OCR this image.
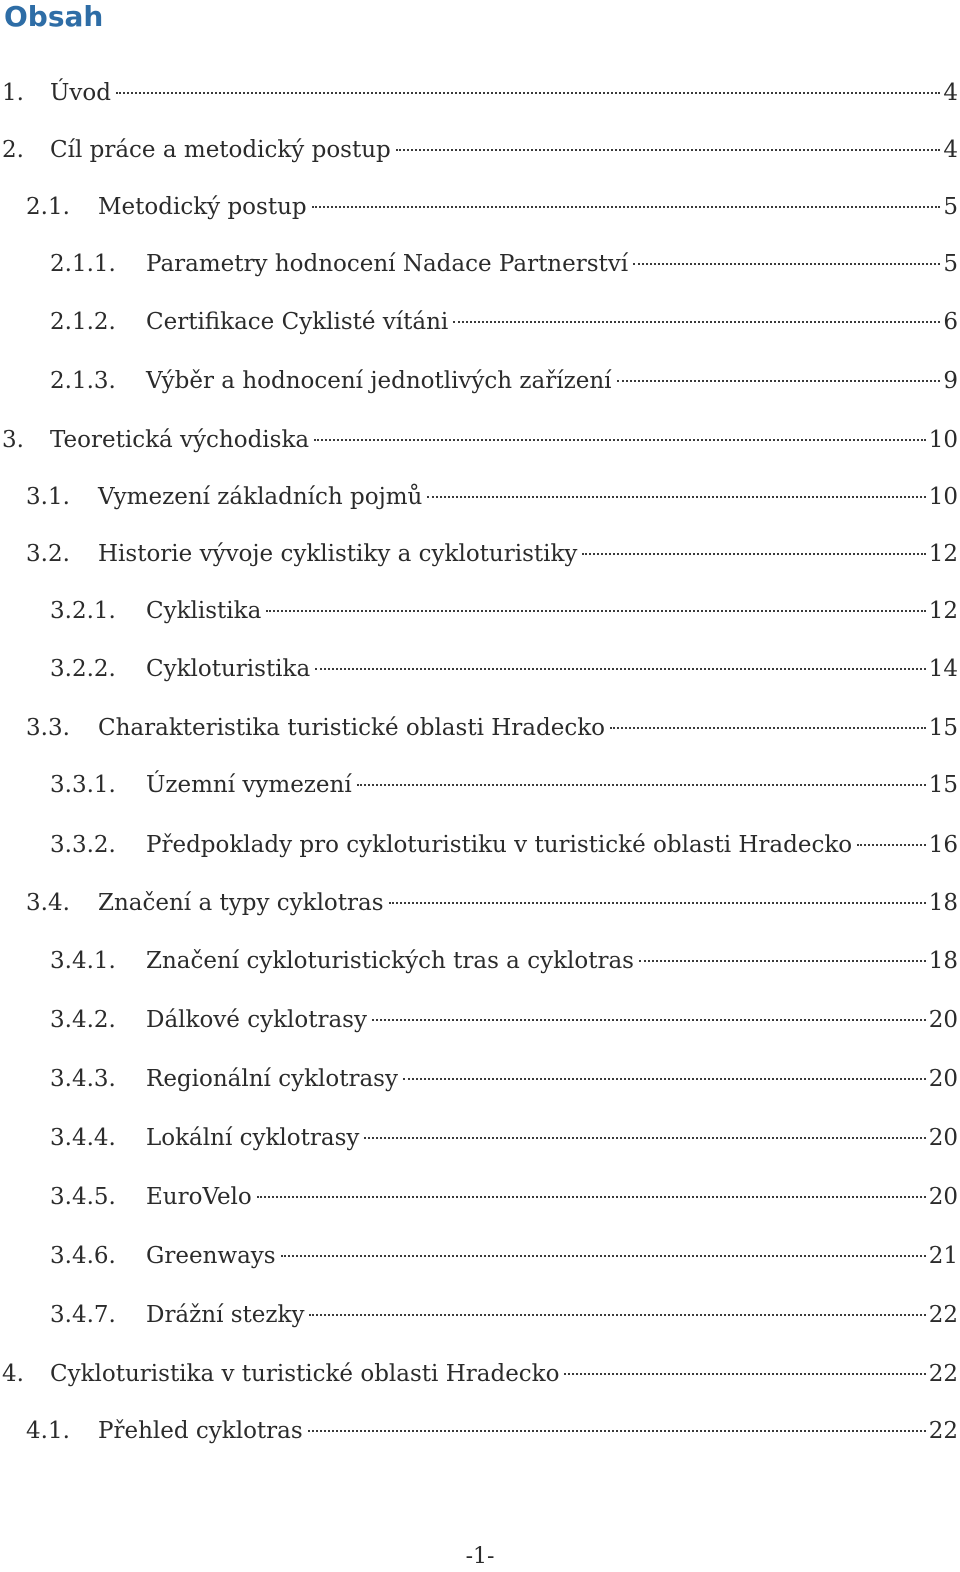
Obsah
1.	Úvod	4
2.	Cíl práce a metodický postup	4
2.1.	Metodický postup	5
2.1.1.	Parametry hodnocení Nadace Partnerství	5
2.1.2.	Certifikace Cyklisté vítáni	6
2.1.3.	Výběr a hodnocení jednotlivých zařízení	9
3.	Teoretická východiska	10
3.1.	Vymezení základních pojmů	10
3.2.	Historie vývoje cyklistiky a cykloturistiky	12
3.2.1.	Cyklistika	12
3.2.2.	Cykloturistika	14
3.3.	Charakteristika turistické oblasti Hradecko	15
3.3.1.	Územní vymezení	15
3.3.2.	Předpoklady pro cykloturistiku v turistické oblasti Hradecko	16
3.4.	Značení a typy cyklotras	18
3.4.1.	Značení cykloturistických tras a cyklotras	18
3.4.2.	Dálkové cyklotrasy	20
3.4.3.	Regionální cyklotrasy	20
3.4.4.	Lokální cyklotrasy	20
3.4.5.	EuroVelo	20
3.4.6.	Greenways	21
3.4.7.	Drážní stezky	22
4.	Cykloturistika v turistické oblasti Hradecko	22
4.1.	Přehled cyklotras	22
-1-
